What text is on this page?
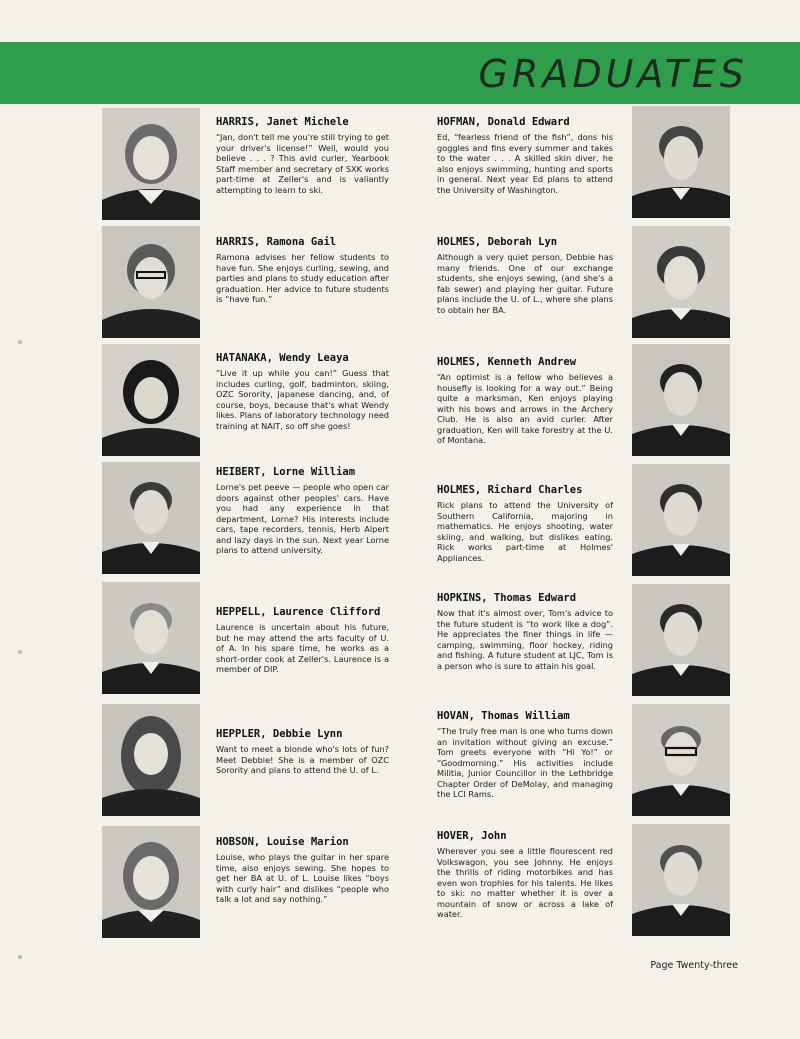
GRADUATES

HARRIS, Janet Michele

“Jan, don't tell me you're still trying to get your driver's license!” Well, would you believe . . . ? This avid curler, Yearbook Staff member and secretary of SXK works part-time at Zeller's and is valiantly attempting to learn to ski.

HARRIS, Ramona Gail

Ramona advises her fellow students to have fun. She enjoys curling, sewing, and parties and plans to study education after graduation. Her advice to future students is “have fun.”

HATANAKA, Wendy Leaya

“Live it up while you can!” Guess that includes curling, golf, badminton, skiing, OZC Sorority, Japanese dancing, and, of course, boys, because that's what Wendy likes. Plans of laboratory technology need training at NAIT, so off she goes!

HEIBERT, Lorne William

Lorne's pet peeve — people who open car doors against other peoples' cars. Have you had any experience in that department, Lorne? His interests include cars, tape recorders, tennis, Herb Alpert and lazy days in the sun. Next year Lorne plans to attend university.

HEPPELL, Laurence Clifford

Laurence is uncertain about his future, but he may attend the arts faculty of U. of A. In his spare time, he works as a short-order cook at Zeller's. Laurence is a member of DIP.

HEPPLER, Debbie Lynn

Want to meet a blonde who's lots of fun? Meet Debbie! She is a member of OZC Sorority and plans to attend the U. of L.

HOBSON, Louise Marion

Louise, who plays the guitar in her spare time, also enjoys sewing. She hopes to get her BA at U. of L. Louise likes “boys with curly hair” and dislikes “people who talk a lot and say nothing.”

HOFMAN, Donald Edward

Ed, “fearless friend of the fish”, dons his goggles and fins every summer and takes to the water . . . A skilled skin diver, he also enjoys swimming, hunting and sports in general. Next year Ed plans to attend the University of Washington.

HOLMES, Deborah Lyn

Although a very quiet person, Debbie has many friends. One of our exchange students, she enjoys sewing, (and she's a fab sewer) and playing her guitar. Future plans include the U. of L., where she plans to obtain her BA.

HOLMES, Kenneth Andrew

“An optimist is a fellow who believes a housefly is looking for a way out.” Being quite a marksman, Ken enjoys playing with his bows and arrows in the Archery Club. He is also an avid curler. After graduation, Ken will take forestry at the U. of Montana.

HOLMES, Richard Charles

Rick plans to attend the University of Southern California, majoring in mathematics. He enjoys shooting, water skiing, and walking, but dislikes eating. Rick works part-time at Holmes' Appliances.

HOPKINS, Thomas Edward

Now that it's almost over, Tom's advice to the future student is “to work like a dog”. He appreciates the finer things in life — camping, swimming, floor hockey, riding and fishing. A future student at LJC, Tom is a person who is sure to attain his goal.

HOVAN, Thomas William

“The truly free man is one who turns down an invitation without giving an excuse.” Tom greets everyone with “Hi Yo!” or “Goodmorning.” His activities include Militia, Junior Councillor in the Lethbridge Chapter Order of DeMolay, and managing the LCI Rams.

HOVER, John

Wherever you see a little flourescent red Volkswagon, you see Johnny. He enjoys the thrills of riding motorbikes and has even won trophies for his talents. He likes to ski: no matter whether it is over a mountain of snow or across a lake of water.

Page Twenty-three
